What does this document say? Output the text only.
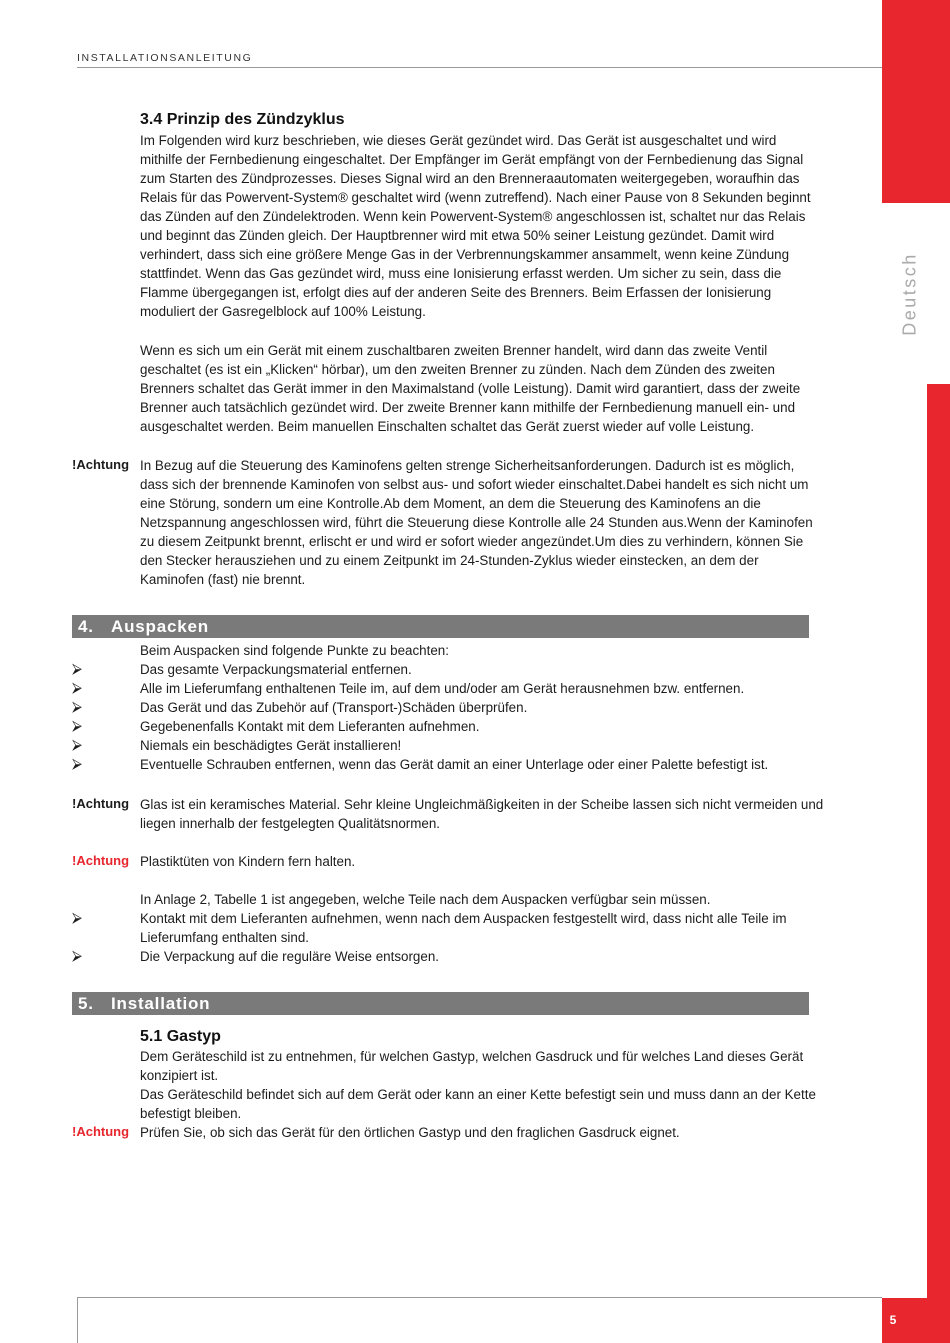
INSTALLATIONSANLEITUNG
Deutsch
5
3.4 Prinzip des Zündzyklus
Im Folgenden wird kurz beschrieben, wie dieses Gerät gezündet wird. Das Gerät ist ausgeschaltet und wird
mithilfe der Fernbedienung eingeschaltet. Der Empfänger im Gerät empfängt von der Fernbedienung das Signal
zum Starten des Zündprozesses. Dieses Signal wird an den Brenneraautomaten weitergegeben, woraufhin das
Relais für das Powervent-System® geschaltet wird (wenn zutreffend). Nach einer Pause von 8 Sekunden beginnt
das Zünden auf den Zündelektroden. Wenn kein Powervent-System® angeschlossen ist, schaltet nur das Relais
und beginnt das Zünden gleich. Der Hauptbrenner wird mit etwa 50% seiner Leistung gezündet. Damit wird
verhindert, dass sich eine größere Menge Gas in der Verbrennungskammer ansammelt, wenn keine Zündung
stattfindet. Wenn das Gas gezündet wird, muss eine Ionisierung erfasst werden. Um sicher zu sein, dass die
Flamme übergegangen ist, erfolgt dies auf der anderen Seite des Brenners. Beim Erfassen der Ionisierung
moduliert der Gasregelblock auf 100% Leistung.
Wenn es sich um ein Gerät mit einem zuschaltbaren zweiten Brenner handelt, wird dann das zweite Ventil
geschaltet (es ist ein „Klicken“ hörbar), um den zweiten Brenner zu zünden. Nach dem Zünden des zweiten
Brenners schaltet das Gerät immer in den Maximalstand (volle Leistung). Damit wird garantiert, dass der zweite
Brenner auch tatsächlich gezündet wird. Der zweite Brenner kann mithilfe der Fernbedienung manuell ein- und
ausgeschaltet werden. Beim manuellen Einschalten schaltet das Gerät zuerst wieder auf volle Leistung.
!Achtung In Bezug auf die Steuerung des Kaminofens gelten strenge Sicherheitsanforderungen. Dadurch ist es möglich,
dass sich der brennende Kaminofen von selbst aus- und sofort wieder einschaltet.Dabei handelt es sich nicht um
eine Störung, sondern um eine Kontrolle.Ab dem Moment, an dem die Steuerung des Kaminofens an die
Netzspannung angeschlossen wird, führt die Steuerung diese Kontrolle alle 24 Stunden aus.Wenn der Kaminofen
zu diesem Zeitpunkt brennt, erlischt er und wird er sofort wieder angezündet.Um dies zu verhindern, können Sie
den Stecker herausziehen und zu einem Zeitpunkt im 24-Stunden-Zyklus wieder einstecken, an dem der
Kaminofen (fast) nie brennt.
4. Auspacken
Beim Auspacken sind folgende Punkte zu beachten:
⮚	Das gesamte Verpackungsmaterial entfernen.
⮚	Alle im Lieferumfang enthaltenen Teile im, auf dem und/oder am Gerät herausnehmen bzw. entfernen.
⮚	Das Gerät und das Zubehör auf (Transport-)Schäden überprüfen.
⮚	Gegebenenfalls Kontakt mit dem Lieferanten aufnehmen.
⮚	Niemals ein beschädigtes Gerät installieren!
⮚	Eventuelle Schrauben entfernen, wenn das Gerät damit an einer Unterlage oder einer Palette befestigt ist.
!Achtung Glas ist ein keramisches Material. Sehr kleine Ungleichmäßigkeiten in der Scheibe lassen sich nicht vermeiden und
liegen innerhalb der festgelegten Qualitätsnormen.
!Achtung Plastiktüten von Kindern fern halten.
In Anlage 2, Tabelle 1 ist angegeben, welche Teile nach dem Auspacken verfügbar sein müssen.
⮚	Kontakt mit dem Lieferanten aufnehmen, wenn nach dem Auspacken festgestellt wird, dass nicht alle Teile im
Lieferumfang enthalten sind.
⮚	Die Verpackung auf die reguläre Weise entsorgen.
5. Installation
5.1 Gastyp
Dem Geräteschild ist zu entnehmen, für welchen Gastyp, welchen Gasdruck und für welches Land dieses Gerät
konzipiert ist.
Das Geräteschild befindet sich auf dem Gerät oder kann an einer Kette befestigt sein und muss dann an der Kette
befestigt bleiben.
!Achtung Prüfen Sie, ob sich das Gerät für den örtlichen Gastyp und den fraglichen Gasdruck eignet.
